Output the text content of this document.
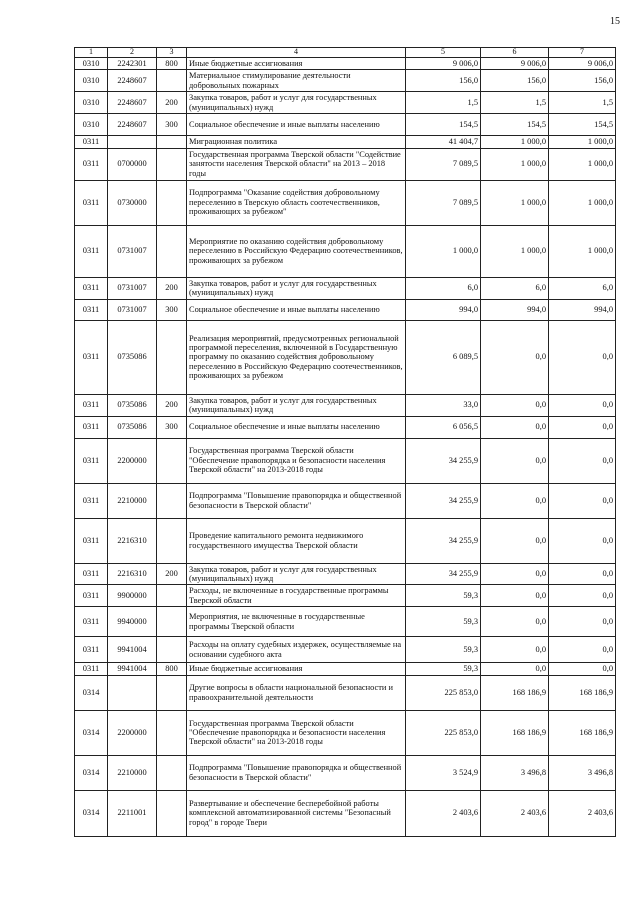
15
1	2	3	4	5	6	7
0310	2242301	800	Иные бюджетные ассигнования	9 006,0	9 006,0	9 006,0
0310	2248607		Материальное стимулирование деятельности добровольных пожарных	156,0	156,0	156,0
0310	2248607	200	Закупка товаров, работ и услуг для государственных (муниципальных) нужд	1,5	1,5	1,5
0310	2248607	300	Социальное обеспечение и иные выплаты населению	154,5	154,5	154,5
0311			Миграционная политика	41 404,7	1 000,0	1 000,0
0311	0700000		Государственная программа Тверской области "Содействие занятости населения Тверской области" на 2013 – 2018 годы	7 089,5	1 000,0	1 000,0
0311	0730000		Подпрограмма "Оказание содействия добровольному переселению в Тверскую область соотечественников, проживающих за рубежом"	7 089,5	1 000,0	1 000,0
0311	0731007		Мероприятие по оказанию содействия добровольному переселению в Российскую Федерацию соотечественников, проживающих за рубежом	1 000,0	1 000,0	1 000,0
0311	0731007	200	Закупка товаров, работ и услуг для государственных (муниципальных) нужд	6,0	6,0	6,0
0311	0731007	300	Социальное обеспечение и иные выплаты населению	994,0	994,0	994,0
0311	0735086		Реализация мероприятий, предусмотренных региональной программой переселения, включенной в Государственную программу по оказанию содействия добровольному переселению в Российскую Федерацию соотечественников, проживающих за рубежом	6 089,5	0,0	0,0
0311	0735086	200	Закупка товаров, работ и услуг для государственных (муниципальных) нужд	33,0	0,0	0,0
0311	0735086	300	Социальное обеспечение и иные выплаты населению	6 056,5	0,0	0,0
0311	2200000		Государственная программа Тверской области "Обеспечение правопорядка и безопасности населения Тверской области" на 2013-2018 годы	34 255,9	0,0	0,0
0311	2210000		Подпрограмма "Повышение правопорядка и общественной безопасности в Тверской области"	34 255,9	0,0	0,0
0311	2216310		Проведение капитального ремонта недвижимого государственного имущества Тверской области	34 255,9	0,0	0,0
0311	2216310	200	Закупка товаров, работ и услуг для государственных (муниципальных) нужд	34 255,9	0,0	0,0
0311	9900000		Расходы, не включенные в государственные программы Тверской области	59,3	0,0	0,0
0311	9940000		Мероприятия, не включенные в государственные программы Тверской области	59,3	0,0	0,0
0311	9941004		Расходы на оплату судебных издержек, осуществляемые на основании судебного акта	59,3	0,0	0,0
0311	9941004	800	Иные бюджетные ассигнования	59,3	0,0	0,0
0314			Другие вопросы в области национальной безопасности и правоохранительной деятельности	225 853,0	168 186,9	168 186,9
0314	2200000		Государственная программа Тверской области "Обеспечение правопорядка и безопасности населения Тверской области" на 2013-2018 годы	225 853,0	168 186,9	168 186,9
0314	2210000		Подпрограмма "Повышение правопорядка и общественной безопасности в Тверской области"	3 524,9	3 496,8	3 496,8
0314	2211001		Развертывание и обеспечение бесперебойной работы комплексной автоматизированной системы "Безопасный город" в городе Твери	2 403,6	2 403,6	2 403,6
